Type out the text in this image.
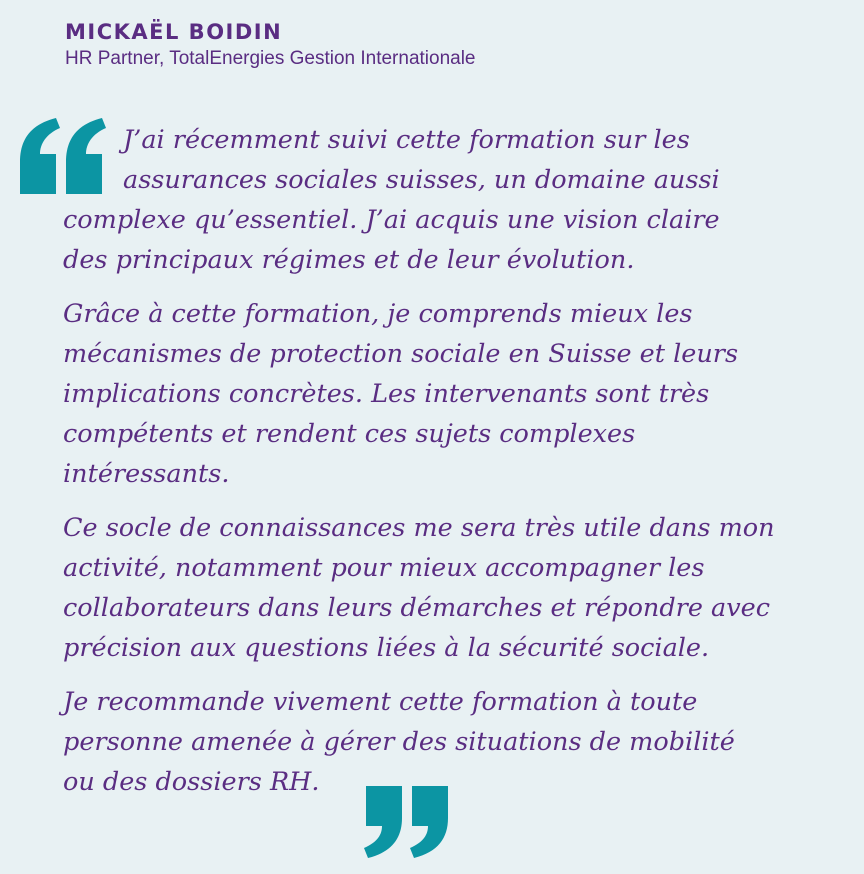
MICKAËL BOIDIN
HR Partner, TotalEnergies Gestion Internationale

J’ai récemment suivi cette formation sur les
assurances sociales suisses, un domaine aussi
complexe qu’essentiel. J’ai acquis une vision claire
des principaux régimes et de leur évolution.

Grâce à cette formation, je comprends mieux les
mécanismes de protection sociale en Suisse et leurs
implications concrètes. Les intervenants sont très
compétents et rendent ces sujets complexes
intéressants.

Ce socle de connaissances me sera très utile dans mon
activité, notamment pour mieux accompagner les
collaborateurs dans leurs démarches et répondre avec
précision aux questions liées à la sécurité sociale.

Je recommande vivement cette formation à toute
personne amenée à gérer des situations de mobilité
ou des dossiers RH.
